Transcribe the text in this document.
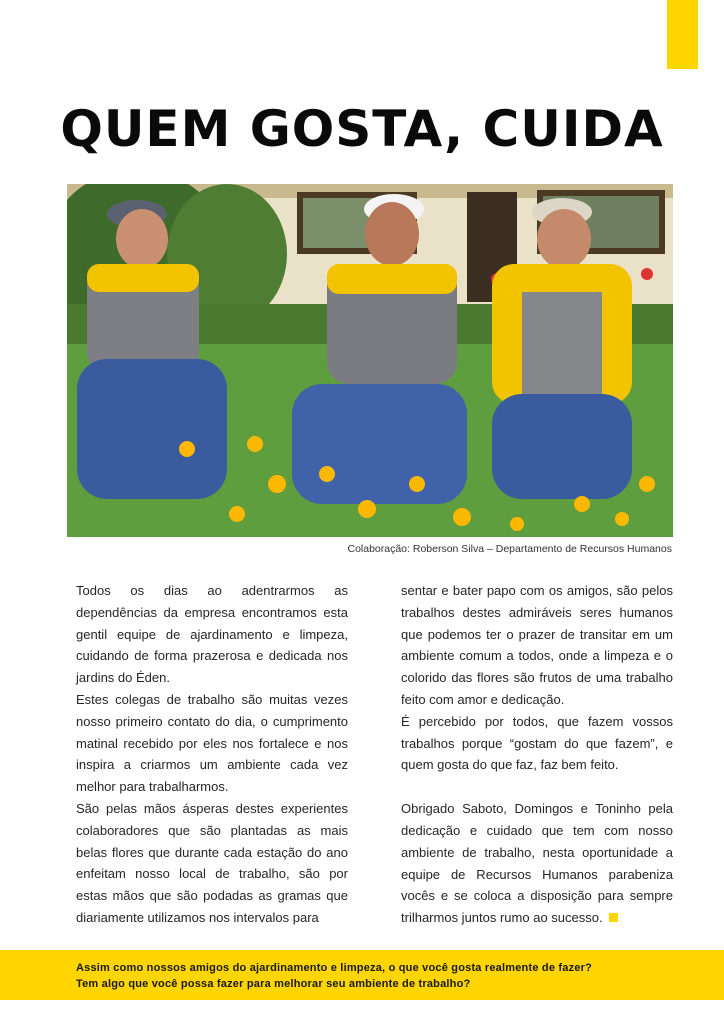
QUEM GOSTA, CUIDA
Colaboração: Roberson Silva – Departamento de Recursos Humanos

Todos os dias ao adentrarmos as dependências da empresa encontramos esta gentil equipe de ajardinamento e limpeza, cuidando de forma prazerosa e dedicada nos jardins do Éden.

Estes colegas de trabalho são muitas vezes nosso primeiro contato do dia, o cumprimento matinal recebido por eles nos fortalece e nos inspira a criarmos um ambiente cada vez melhor para trabalharmos.

São pelas mãos ásperas destes experientes colaboradores que são plantadas as mais belas flores que durante cada estação do ano enfeitam nosso local de trabalho, são por estas mãos que são podadas as gramas que diariamente utilizamos nos intervalos para

sentar e bater papo com os amigos, são pelos trabalhos destes admiráveis seres humanos que podemos ter o prazer de transitar em um ambiente comum a todos, onde a limpeza e o colorido das flores são frutos de uma trabalho feito com amor e dedicação.

É percebido por todos, que fazem vossos trabalhos porque “gostam do que fazem”, e quem gosta do que faz, faz bem feito.

Obrigado Saboto, Domingos e Toninho pela dedicação e cuidado que tem com nosso ambiente de trabalho, nesta oportunidade a equipe de Recursos Humanos parabeniza vocês e se coloca a disposição para sempre trilharmos juntos rumo ao sucesso.

Assim como nossos amigos do ajardinamento e limpeza, o que você gosta realmente de fazer?

Tem algo que você possa fazer para melhorar seu ambiente de trabalho?
